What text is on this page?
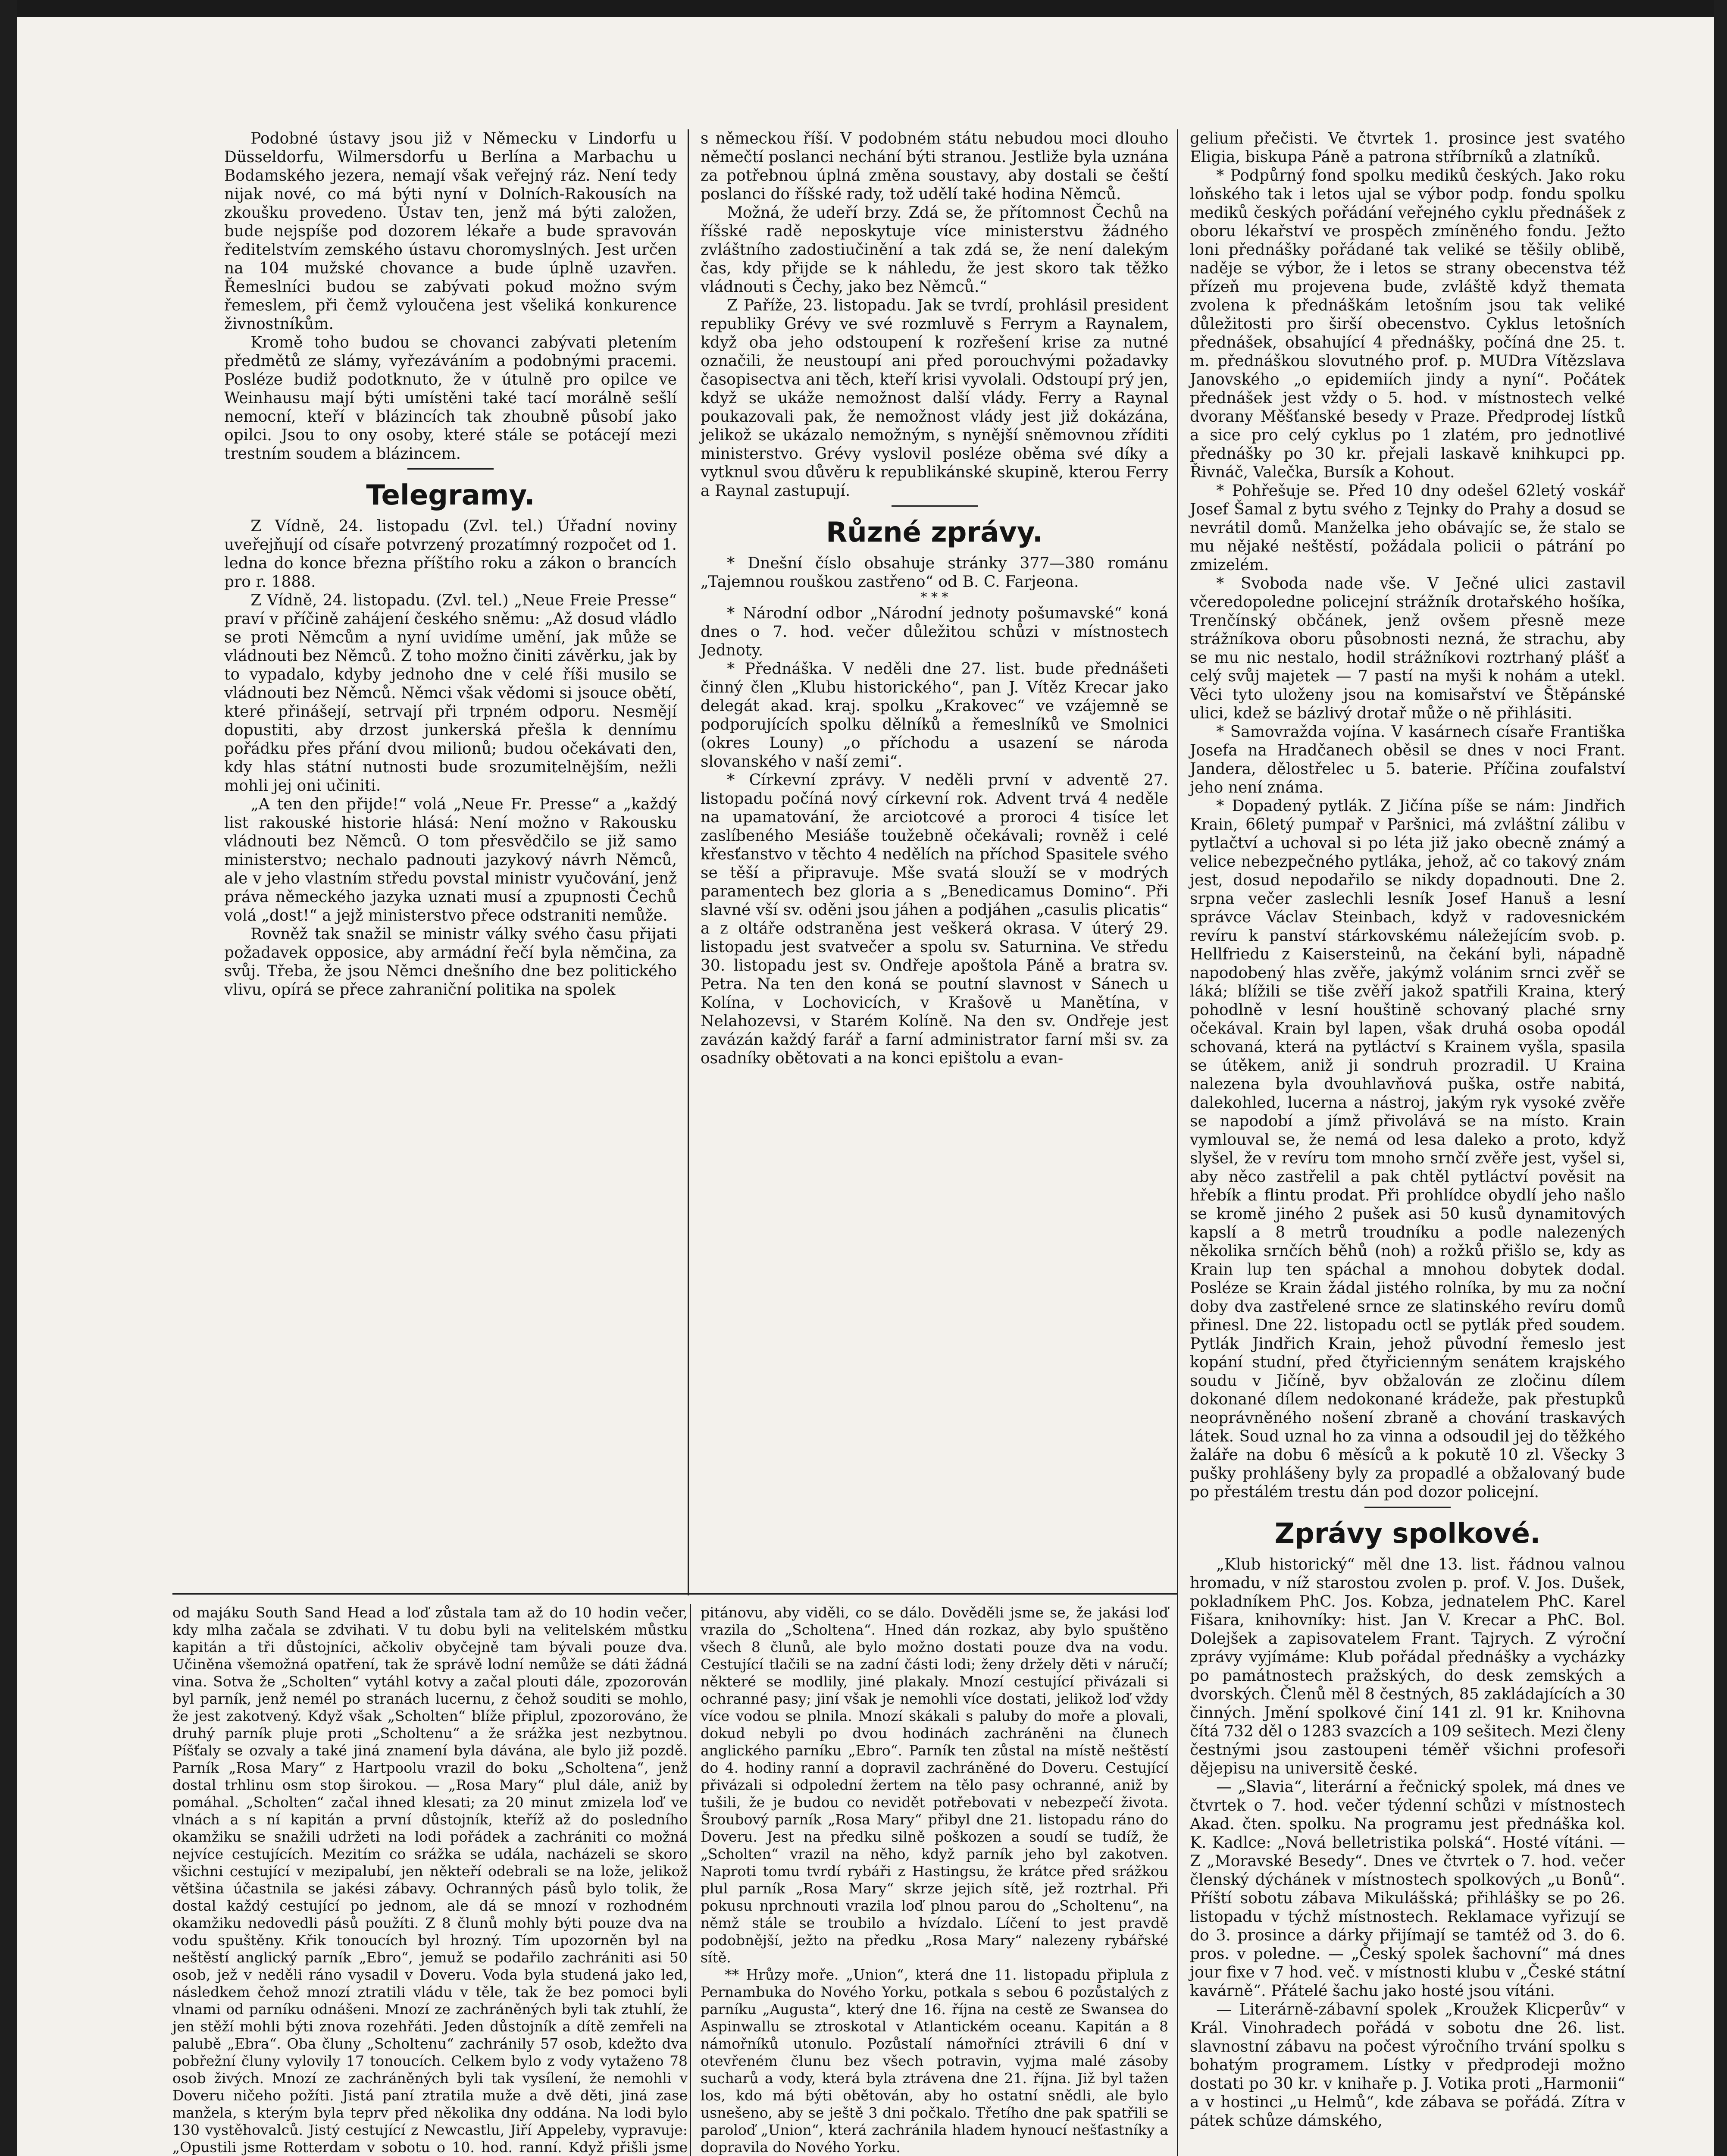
Podobné ústavy jsou již v Německu v Lindorfu u Düsseldorfu, Wilmersdorfu u Berlína a Marbachu u Bodamského jezera, nemají však veřejný ráz. Není tedy nijak nové, co má býti nyní v Dolních-Rakousích na zkoušku provedeno. Ústav ten, jenž má býti založen, bude nejspíše pod dozorem lékaře a bude spravován ředitelstvím zemského ústavu choromyslných. Jest určen na 104 mužské chovance a bude úplně uzavřen. Řemeslníci budou se zabývati pokud možno svým řemeslem, při čemž vyloučena jest všeliká konkurence živnostníkům.

Kromě toho budou se chovanci zabývati pletením předmětů ze slámy, vyřezáváním a podobnými pracemi. Posléze budiž podotknuto, že v útulně pro opilce ve Weinhausu mají býti umístěni také tací morálně sešlí nemocní, kteří v blázincích tak zhoubně působí jako opilci. Jsou to ony osoby, které stále se potácejí mezi trestním soudem a blázincem.

Telegramy.

Z Vídně, 24. listopadu (Zvl. tel.) Úřadní noviny uveřejňují od císaře potvrzený prozatímný rozpočet od 1. ledna do konce března příštího roku a zákon o brancích pro r. 1888.

Z Vídně, 24. listopadu. (Zvl. tel.) „Neue Freie Presse“ praví v příčině zahájení českého sněmu: „Až dosud vládlo se proti Němcům a nyní uvidíme umění, jak může se vládnouti bez Němců. Z toho možno činiti závěrku, jak by to vypadalo, kdyby jednoho dne v celé říši musilo se vládnouti bez Němců. Němci však vědomi si jsouce obětí, které přinášejí, setrvají při trpném odporu. Nesmějí dopustiti, aby drzost junkerská přešla k dennímu pořádku přes přání dvou milionů; budou očekávati den, kdy hlas státní nutnosti bude srozumitelnějším, nežli mohli jej oni učiniti.

„A ten den přijde!“ volá „Neue Fr. Presse“ a „každý list rakouské historie hlásá: Není možno v Rakousku vládnouti bez Němců. O tom přesvědčilo se již samo ministerstvo; nechalo padnouti jazykový návrh Němců, ale v jeho vlastním středu povstal ministr vyučování, jenž práva německého jazyka uznati musí a zpupnosti Čechů volá „dost!“ a jejž ministerstvo přece odstraniti nemůže.

Rovněž tak snažil se ministr války svého času přijati požadavek opposice, aby armádní řečí byla němčina, za svůj. Třeba, že jsou Němci dnešního dne bez politického vlivu, opírá se přece zahraniční politika na spolek

s německou říší. V podobném státu nebudou moci dlouho němečtí poslanci nechání býti stranou. Jestliže byla uznána za potřebnou úplná změna soustavy, aby dostali se čeští poslanci do říšské rady, tož udělí také hodina Němců.

Možná, že udeří brzy. Zdá se, že přítomnost Čechů na říšské radě neposkytuje více ministerstvu žádného zvláštního zadostiučinění a tak zdá se, že není dalekým čas, kdy přijde se k náhledu, že jest skoro tak těžko vládnouti s Čechy, jako bez Němců.“

Z Paříže, 23. listopadu. Jak se tvrdí, prohlásil president republiky Grévy ve své rozmluvě s Ferrym a Raynalem, když oba jeho odstoupení k rozřešení krise za nutné označili, že neustoupí ani před porouchvými požadavky časopisectva ani těch, kteří krisi vyvolali. Odstoupí prý jen, když se ukáže nemožnost další vlády. Ferry a Raynal poukazovali pak, že nemožnost vlády jest již dokázána, jelikož se ukázalo nemožným, s nynější sněmovnou zříditi ministerstvo. Grévy vyslovil posléze oběma své díky a vytknul svou důvěru k republikánské skupině, kterou Ferry a Raynal zastupují.

Různé zprávy.

* Dnešní číslo obsahuje stránky 377—380 románu „Tajemnou rouškou zastřeno“ od B. C. Farjeona.

* * *

* Národní odbor „Národní jednoty pošumavské“ koná dnes o 7. hod. večer důležitou schůzi v místnostech Jednoty.

* Přednáška. V neděli dne 27. list. bude přednášeti činný člen „Klubu historického“, pan J. Vítěz Krecar jako delegát akad. kraj. spolku „Krakovec“ ve vzájemně se podporujících spolku dělníků a řemeslníků ve Smolnici (okres Louny) „o příchodu a usazení se národa slovanského v naší zemi“.

* Církevní zprávy. V neděli první v adventě 27. listopadu počíná nový církevní rok. Advent trvá 4 neděle na upamatování, že arciotcové a proroci 4 tisíce let zaslíbeného Mesiáše toužebně očekávali; rovněž i celé křesťanstvo v těchto 4 nedělích na příchod Spasitele svého se těší a připravuje. Mše svatá slouží se v modrých paramentech bez gloria a s „Benedicamus Domino“. Při slavné vší sv. oděni jsou jáhen a podjáhen „casulis plicatis“ a z oltáře odstraněna jest veškerá okrasa. V úterý 29. listopadu jest svatvečer a spolu sv. Saturnina. Ve středu 30. listopadu jest sv. Ondřeje apoštola Páně a bratra sv. Petra. Na ten den koná se poutní slavnost v Sánech u Kolína, v Lochovicích, v Krašově u Manětína, v Nelahozevsi, v Starém Kolíně. Na den sv. Ondřeje jest zavázán každý farář a farní administrator farní mši sv. za osadníky obětovati a na konci epištolu a evan-

gelium přečisti. Ve čtvrtek 1. prosince jest svatého Eligia, biskupa Páně a patrona stříbrníků a zlatníků.

* Podpůrný fond spolku mediků českých. Jako roku loňského tak i letos ujal se výbor podp. fondu spolku mediků českých pořádání veřejného cyklu přednášek z oboru lékařství ve prospěch zmíněného fondu. Ježto loni přednášky pořádané tak veliké se těšily oblibě, naděje se výbor, že i letos se strany obecenstva též přízeň mu projevena bude, zvláště když themata zvolena k přednáškám letošním jsou tak veliké důležitosti pro širší obecenstvo. Cyklus letošních přednášek, obsahující 4 přednášky, počíná dne 25. t. m. přednáškou slovutného prof. p. MUDra Vítězslava Janovského „o epidemiích jindy a nyní“. Počátek přednášek jest vždy o 5. hod. v místnostech velké dvorany Měšťanské besedy v Praze. Předprodej lístků a sice pro celý cyklus po 1 zlatém, pro jednotlivé přednášky po 30 kr. přejali laskavě knihkupci pp. Řivnáč, Valečka, Bursík a Kohout.

* Pohřešuje se. Před 10 dny odešel 62letý voskář Josef Šamal z bytu svého z Tejnky do Prahy a dosud se nevrátil domů. Manželka jeho obávajíc se, že stalo se mu nějaké neštěstí, požádala policii o pátrání po zmizelém.

* Svoboda nade vše. V Ječné ulici zastavil včeredopoledne policejní strážník drotařského hošíka, Trenčínský občánek, jenž ovšem přesně meze strážníkova oboru působnosti nezná, že strachu, aby se mu nic nestalo, hodil strážníkovi roztrhaný plášť a celý svůj majetek — 7 pastí na myši k nohám a utekl. Věci tyto uloženy jsou na komisařství ve Štěpánské ulici, kdež se bázlivý drotař může o ně přihlásiti.

* Samovražda vojína. V kasárnech císaře Františka Josefa na Hradčanech oběsil se dnes v noci Frant. Jandera, dělostřelec u 5. baterie. Příčina zoufalství jeho není známa.

* Dopadený pytlák. Z Jičína píše se nám: Jindřich Krain, 66letý pumpař v Paršnici, má zvláštní zálibu v pytlačtví a uchoval si po léta již jako obecně známý a velice nebezpečného pytláka, jehož, ač co takový znám jest, dosud nepodařilo se nikdy dopadnouti. Dne 2. srpna večer zaslechli lesník Josef Hanuš a lesní správce Václav Steinbach, když v radovesnickém revíru k panství stárkovskému náležejícím svob. p. Hellfriedu z Kaisersteinů, na čekání byli, nápadně napodobený hlas zvěře, jakýmž volánim srnci zvěř se láká; blížili se tiše zvěří jakož spatřili Kraina, který pohodlně v lesní houštině schovaný plaché srny očekával. Krain byl lapen, však druhá osoba opodál schovaná, která na pytláctví s Krainem vyšla, spasila se útěkem, aniž ji sondruh prozradil. U Kraina nalezena byla dvouhlavňová puška, ostře nabitá, dalekohled, lucerna a nástroj, jakým ryk vysoké zvěře se napodobí a jímž přivolává se na místo. Krain vymlouval se, že nemá od lesa daleko a proto, když slyšel, že v revíru tom mnoho srnčí zvěře jest, vyšel si, aby něco zastřelil a pak chtěl pytláctví pověsit na hřebík a flintu prodat. Při prohlídce obydlí jeho našlo se kromě jiného 2 pušek asi 50 kusů dynamitových kapslí a 8 metrů troudníku a podle nalezených několika srnčích běhů (noh) a rožků přišlo se, kdy as Krain lup ten spáchal a mnohou dobytek dodal. Posléze se Krain žádal jistého rolníka, by mu za noční doby dva zastřelené srnce ze slatinského revíru domů přinesl. Dne 22. listopadu octl se pytlák před soudem. Pytlák Jindřich Krain, jehož původní řemeslo jest kopání studní, před čtyřicienným senátem krajského soudu v Jičíně, byv obžalován ze zločinu dílem dokonané dílem nedokonané krádeže, pak přestupků neoprávněného nošení zbraně a chování traskavých látek. Soud uznal ho za vinna a odsoudil jej do těžkého žaláře na dobu 6 měsíců a k pokutě 10 zl. Všecky 3 pušky prohlášeny byly za propadlé a obžalovaný bude po přestálém trestu dán pod dozor policejní.

Zprávy spolkové.

„Klub historický“ měl dne 13. list. řádnou valnou hromadu, v níž starostou zvolen p. prof. V. Jos. Dušek, pokladníkem PhC. Jos. Kobza, jednatelem PhC. Karel Fišara, knihovníky: hist. Jan V. Krecar a PhC. Bol. Dolejšek a zapisovatelem Frant. Tajrych. Z výroční zprávy vyjímáme: Klub pořádal přednášky a vycházky po památnostech pražských, do desk zemských a dvorských. Členů měl 8 čestných, 85 zakládajících a 30 činných. Jmění spolkové činí 141 zl. 91 kr. Knihovna čítá 732 děl o 1283 svazcích a 109 sešitech. Mezi členy čestnými jsou zastoupeni téměř všichni profesoři dějepisu na universitě české.

— „Slavia“, literární a řečnický spolek, má dnes ve čtvrtek o 7. hod. večer týdenní schůzi v místnostech Akad. čten. spolku. Na programu jest přednáška kol. K. Kadlce: „Nová belletristika polská“. Hosté vítáni. — Z „Moravské Besedy“. Dnes ve čtvrtek o 7. hod. večer členský dýchánek v místnostech spolkových „u Bonů“. Příští sobotu zábava Mikulášská; přihlášky se po 26. listopadu v týchž místnostech. Reklamace vyřizují se do 3. prosince a dárky přijímají se tamtéž od 3. do 6. pros. v poledne. — „Český spolek šachovní“ má dnes jour fixe v 7 hod. več. v místnosti klubu v „České státní kavárně“. Přátelé šachu jako hosté jsou vítáni.

— Literárně-zábavní spolek „Kroužek Klicperův“ v Král. Vinohradech pořádá v sobotu dne 26. list. slavnostní zábavu na počest výročního trvání spolku s bohatým programem. Lístky v předprodeji možno dostati po 30 kr. v knihaře p. J. Votika proti „Harmonii“ a v hostinci „u Helmů“, kde zábava se pořádá. Zítra v pátek schůze dámského,

od majáku South Sand Head a loď zůstala tam až do 10 hodin večer, kdy mlha začala se zdvihati. V tu dobu byli na velitelském můstku kapitán a tři důstojníci, ačkoliv obyčejně tam bývali pouze dva. Učiněna všemožná opatření, tak že správě lodní nemůže se dáti žádná vina. Sotva že „Scholten“ vytáhl kotvy a začal plouti dále, zpozorován byl parník, jenž nemél po stranách lucernu, z čehož souditi se mohlo, že jest zakotvený. Když však „Scholten“ blíže připlul, zpozorováno, že druhý parník plujе proti „Scholtenu“ a že srážka jest nezbytnou. Píšťaly se ozvaly a také jiná znamení byla dávána, ale bylo již pozdě. Parník „Rosa Mary“ z Hartpoolu vrazil do boku „Scholtena“, jenž dostal trhlinu osm stop širokou. — „Rosa Mary“ plul dále, aniž by pomáhal. „Scholten“ začal ihned klesati; za 20 minut zmizela loď ve vlnách a s ní kapitán a první důstojník, kteříž až do posledního okamžiku se snažili udržeti na lodi pořádek a zachrániti co možná nejvíce cestujících. Mezitím co srážka se udála, nacházeli se skoro všichni cestující v mezipalubí, jen někteří odebrali se na lože, jelikož většina účastnila se jakési zábavy. Ochranných pásů bylo tolik, že dostal každý cestující po jednom, ale dá se mnozí v rozhodném okamžiku nedovedli pásů použíti. Z 8 člunů mohly býti pouze dva na vodu spuštěny. Křik tonoucích byl hrozný. Tím upozorněn byl na neštěstí anglický parník „Ebro“, jemuž se podařilo zachrániti asi 50 osob, jež v neděli ráno vysadil v Doveru. Voda byla studená jako led, následkem čehož mnozí ztratili vládu v těle, tak že bez pomoci byli vlnami od parníku odnášeni. Mnozí ze zachráněných byli tak ztuhlí, že jen stěží mohli býti znova rozehřáti. Jeden důstojník a dítě zemřeli na palubě „Ebra“. Oba čluny „Scholtenu“ zachránily 57 osob, kdežto dva pobřežní čluny vylovily 17 tonoucích. Celkem bylo z vody vytaženo 78 osob živých. Mnozí ze zachráněných byli tak vysílení, že nemohli v Doveru ničeho požíti. Jistá paní ztratila muže a dvě děti, jiná zase manžela, s kterým byla teprv před několika dny oddána. Na lodi bylo 130 vystěhovalců. Jistý cestující z Newcastlu, Jiří Appeleby, vypravuje: „Opustili jsme Rotterdam v sobotu o 10. hod. ranní. Když přišli jsme

pitánovu, aby viděli, co se dálo. Dověděli jsme se, že jakási loď vrazila do „Scholtena“. Hned dán rozkaz, aby bylo spuštěno všech 8 člunů, ale bylo možno dostati pouze dva na vodu. Cestující tlačili se na zadní části lodi; ženy držely děti v náručí; některé se modlily, jiné plakaly. Mnozí cestující přivázali si ochranné pasy; jiní však je nemohli více dostati, jelikož loď vždy více vodou se plnila. Mnozí skákali s paluby do moře a plovali, dokud nebyli po dvou hodinách zachráněni na člunech anglického parníku „Ebro“. Parník ten zůstal na místě neštěstí do 4. hodiny ranní a dopravil zachráněné do Doveru. Cestující přivázali si odpolední žertem na tělo pasy ochranné, aniž by tušili, že je budou co nevidět potřebovati v nebezpečí života. Šroubový parník „Rosa Mary“ přibyl dne 21. listopadu ráno do Doveru. Jest na předku silně poškozen a soudí se tudíž, že „Scholten“ vrazil na něho, když parník jeho byl zakotven. Naproti tomu tvrdí rybáři z Hastingsu, že krátce před srážkou plul parník „Rosa Mary“ skrze jejich sítě, jež roztrhal. Při pokusu nprchnouti vrazila loď plnou parou do „Scholtenu“, na němž stále se troubilo a hvízdalo. Líčení to jest pravdě podobnější, ježto na předku „Rosa Mary“ nalezeny rybářské sítě.

** Hrůzy moře. „Union“, která dne 11. listopadu připlula z Pernambuka do Nového Yorku, potkala s sebou 6 pozůstalých z parníku „Augusta“, který dne 16. října na cestě ze Swansea do Aspinwallu se ztroskotal v Atlantickém oceanu. Kapitán a 8 námořníků utonulo. Pozůstalí námořníci ztrávili 6 dní v otevřeném člunu bez všech potravin, vyjma malé zásoby sucharů a vody, která byla ztrávena dne 21. října. Již byl tažen los, kdo má býti obětován, aby ho ostatní snědli, ale bylo usnešeno, aby se ještě 3 dni počkalo. Třetího dne pak spatřili se paroloď „Union“, která zachránila hladem hynoucí nešťastníky a dopravila do Nového Yorku.
